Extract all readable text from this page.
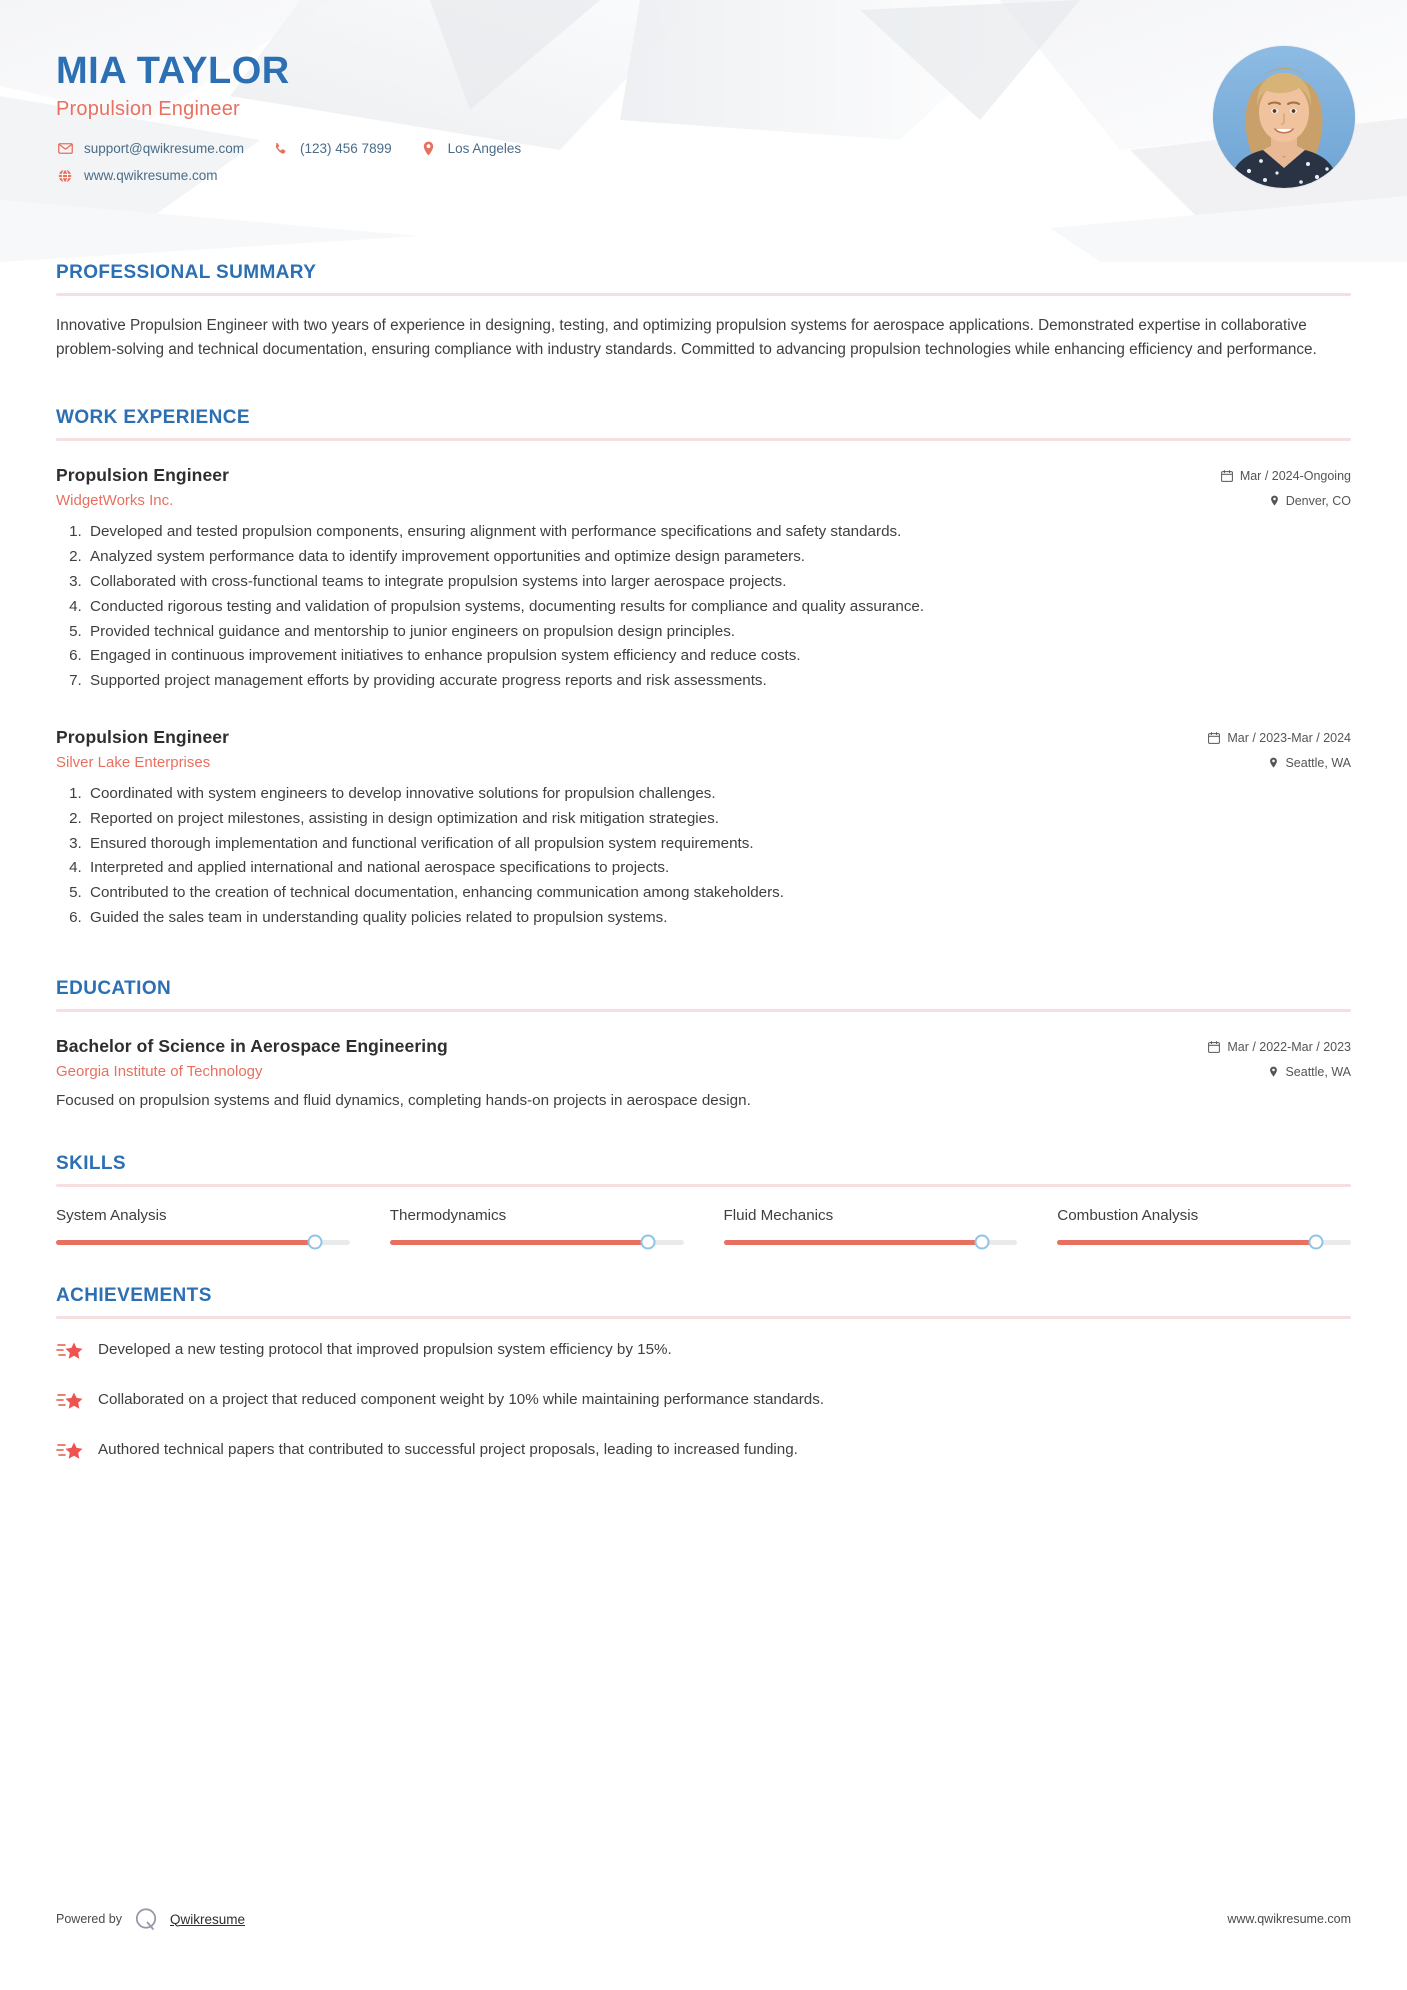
MIA TAYLOR
Propulsion Engineer
support@qwikresume.com	(123) 456 7899	Los Angeles
www.qwikresume.com
PROFESSIONAL SUMMARY

Innovative Propulsion Engineer with two years of experience in designing, testing, and optimizing propulsion systems for aerospace applications. Demonstrated expertise in collaborative problem-solving and technical documentation, ensuring compliance with industry standards. Committed to advancing propulsion technologies while enhancing efficiency and performance.

WORK EXPERIENCE
Propulsion Engineer
WidgetWorks Inc.
Mar / 2024-Ongoing
Denver, CO
1. Developed and tested propulsion components, ensuring alignment with performance specifications and safety standards.
2. Analyzed system performance data to identify improvement opportunities and optimize design parameters.
3. Collaborated with cross-functional teams to integrate propulsion systems into larger aerospace projects.
4. Conducted rigorous testing and validation of propulsion systems, documenting results for compliance and quality assurance.
5. Provided technical guidance and mentorship to junior engineers on propulsion design principles.
6. Engaged in continuous improvement initiatives to enhance propulsion system efficiency and reduce costs.
7. Supported project management efforts by providing accurate progress reports and risk assessments.
Propulsion Engineer
Silver Lake Enterprises
Mar / 2023-Mar / 2024
Seattle, WA
1. Coordinated with system engineers to develop innovative solutions for propulsion challenges.
2. Reported on project milestones, assisting in design optimization and risk mitigation strategies.
3. Ensured thorough implementation and functional verification of all propulsion system requirements.
4. Interpreted and applied international and national aerospace specifications to projects.
5. Contributed to the creation of technical documentation, enhancing communication among stakeholders.
6. Guided the sales team in understanding quality policies related to propulsion systems.
EDUCATION
Bachelor of Science in Aerospace Engineering
Georgia Institute of Technology
Mar / 2022-Mar / 2023
Seattle, WA
Focused on propulsion systems and fluid dynamics, completing hands-on projects in aerospace design.
SKILLS
System Analysis	Thermodynamics	Fluid Mechanics	Combustion Analysis
ACHIEVEMENTS
Developed a new testing protocol that improved propulsion system efficiency by 15%.
Collaborated on a project that reduced component weight by 10% while maintaining performance standards.
Authored technical papers that contributed to successful project proposals, leading to increased funding.
Powered by	Qwikresume	www.qwikresume.com
